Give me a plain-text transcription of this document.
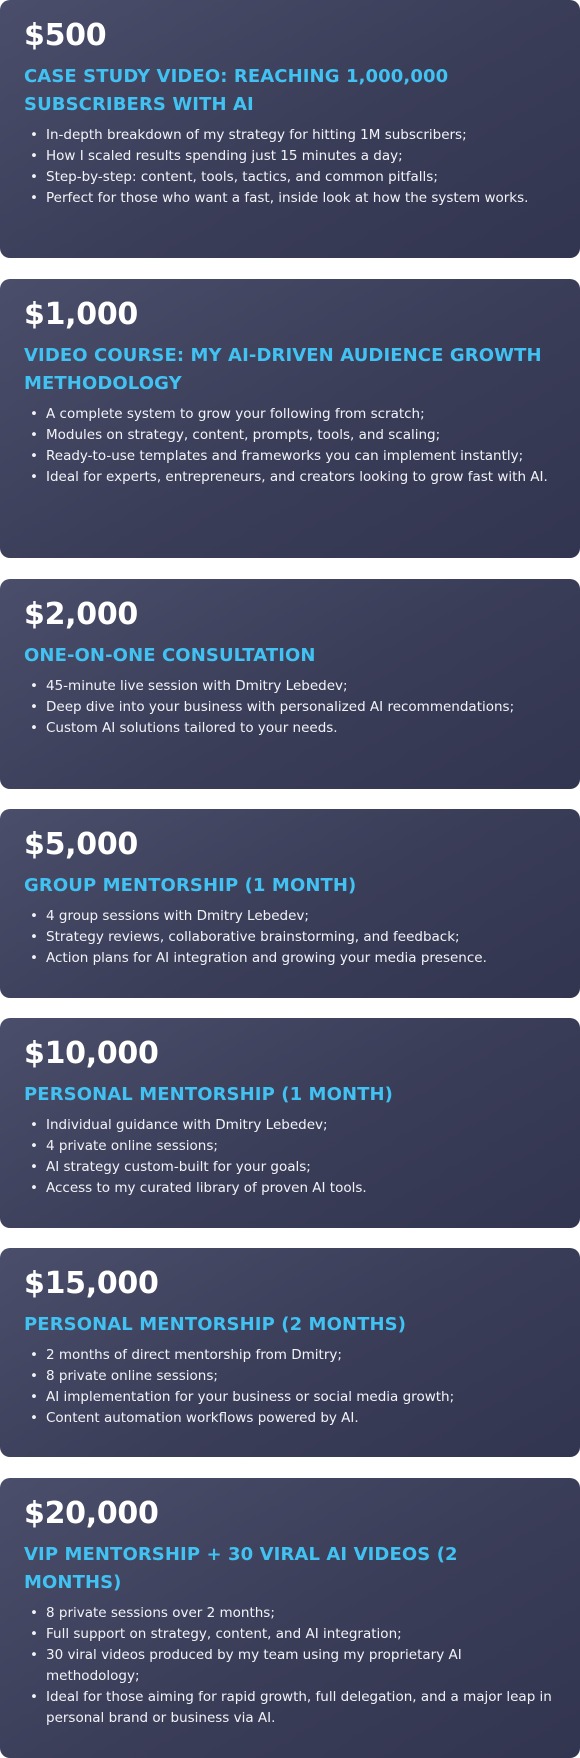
$500
CASE STUDY VIDEO: REACHING 1,000,000 SUBSCRIBERS WITH AI
• In-depth breakdown of my strategy for hitting 1M subscribers;
• How I scaled results spending just 15 minutes a day;
• Step-by-step: content, tools, tactics, and common pitfalls;
• Perfect for those who want a fast, inside look at how the system works.
$1,000
VIDEO COURSE: MY AI-DRIVEN AUDIENCE GROWTH METHODOLOGY
• A complete system to grow your following from scratch;
• Modules on strategy, content, prompts, tools, and scaling;
• Ready-to-use templates and frameworks you can implement instantly;
• Ideal for experts, entrepreneurs, and creators looking to grow fast with AI.
$2,000
ONE-ON-ONE CONSULTATION
• 45-minute live session with Dmitry Lebedev;
• Deep dive into your business with personalized AI recommendations;
• Custom AI solutions tailored to your needs.
$5,000
GROUP MENTORSHIP (1 MONTH)
• 4 group sessions with Dmitry Lebedev;
• Strategy reviews, collaborative brainstorming, and feedback;
• Action plans for AI integration and growing your media presence.
$10,000
PERSONAL MENTORSHIP (1 MONTH)
• Individual guidance with Dmitry Lebedev;
• 4 private online sessions;
• AI strategy custom-built for your goals;
• Access to my curated library of proven AI tools.
$15,000
PERSONAL MENTORSHIP (2 MONTHS)
• 2 months of direct mentorship from Dmitry;
• 8 private online sessions;
• AI implementation for your business or social media growth;
• Content automation workflows powered by AI.
$20,000
VIP MENTORSHIP + 30 VIRAL AI VIDEOS (2 MONTHS)
• 8 private sessions over 2 months;
• Full support on strategy, content, and AI integration;
• 30 viral videos produced by my team using my proprietary AI methodology;
• Ideal for those aiming for rapid growth, full delegation, and a major leap in personal brand or business via AI.
